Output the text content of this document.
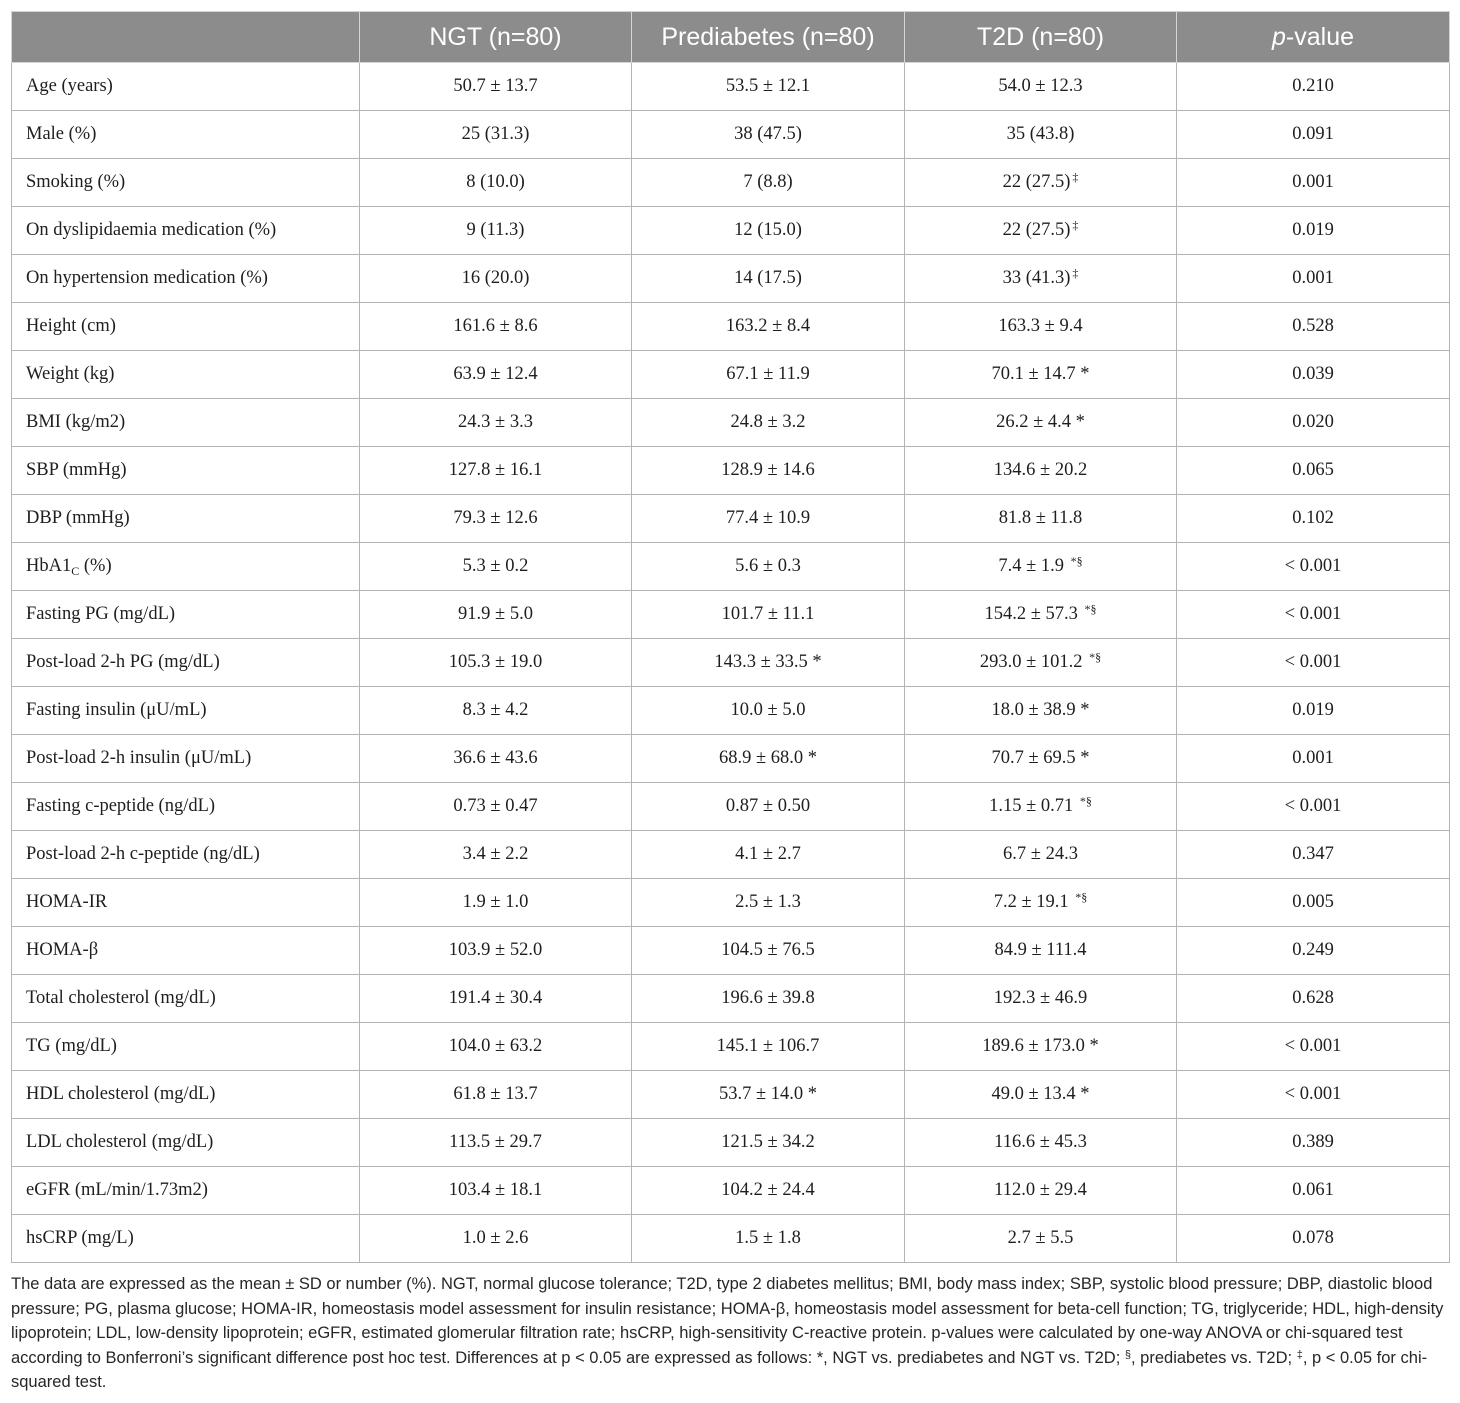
	NGT (n=80)	Prediabetes (n=80)	T2D (n=80)	p-value
Age (years)	50.7 ± 13.7	53.5 ± 12.1	54.0 ± 12.3	0.210
Male (%)	25 (31.3)	38 (47.5)	35 (43.8)	0.091
Smoking (%)	8 (10.0)	7 (8.8)	22 (27.5) ‡	0.001
On dyslipidaemia medication (%)	9 (11.3)	12 (15.0)	22 (27.5) ‡	0.019
On hypertension medication (%)	16 (20.0)	14 (17.5)	33 (41.3) ‡	0.001
Height (cm)	161.6 ± 8.6	163.2 ± 8.4	163.3 ± 9.4	0.528
Weight (kg)	63.9 ± 12.4	67.1 ± 11.9	70.1 ± 14.7 *	0.039
BMI (kg/m2)	24.3 ± 3.3	24.8 ± 3.2	26.2 ± 4.4 *	0.020
SBP (mmHg)	127.8 ± 16.1	128.9 ± 14.6	134.6 ± 20.2	0.065
DBP (mmHg)	79.3 ± 12.6	77.4 ± 10.9	81.8 ± 11.8	0.102
$HbA1_C$ (%)	5.3 ± 0.2	5.6 ± 0.3	7.4 ± 1.9 *§	< 0.001
Fasting PG (mg/dL)	91.9 ± 5.0	101.7 ± 11.1	154.2 ± 57.3 *§	< 0.001
Post-load 2-h PG (mg/dL)	105.3 ± 19.0	143.3 ± 33.5 *	293.0 ± 101.2 *§	< 0.001
Fasting insulin (μU/mL)	8.3 ± 4.2	10.0 ± 5.0	18.0 ± 38.9 *	0.019
Post-load 2-h insulin (μU/mL)	36.6 ± 43.6	68.9 ± 68.0 *	70.7 ± 69.5 *	0.001
Fasting c-peptide (ng/dL)	0.73 ± 0.47	0.87 ± 0.50	1.15 ± 0.71 *§	< 0.001
Post-load 2-h c-peptide (ng/dL)	3.4 ± 2.2	4.1 ± 2.7	6.7 ± 24.3	0.347
HOMA-IR	1.9 ± 1.0	2.5 ± 1.3	7.2 ± 19.1 *§	0.005
HOMA-β	103.9 ± 52.0	104.5 ± 76.5	84.9 ± 111.4	0.249
Total cholesterol (mg/dL)	191.4 ± 30.4	196.6 ± 39.8	192.3 ± 46.9	0.628
TG (mg/dL)	104.0 ± 63.2	145.1 ± 106.7	189.6 ± 173.0 *	< 0.001
HDL cholesterol (mg/dL)	61.8 ± 13.7	53.7 ± 14.0 *	49.0 ± 13.4 *	< 0.001
LDL cholesterol (mg/dL)	113.5 ± 29.7	121.5 ± 34.2	116.6 ± 45.3	0.389
eGFR (mL/min/1.73m2)	103.4 ± 18.1	104.2 ± 24.4	112.0 ± 29.4	0.061
hsCRP (mg/L)	1.0 ± 2.6	1.5 ± 1.8	2.7 ± 5.5	0.078
The data are expressed as the mean ± SD or number (%). NGT, normal glucose tolerance; T2D, type 2 diabetes mellitus; BMI, body mass index; SBP, systolic blood pressure; DBP, diastolic blood pressure; PG, plasma glucose; HOMA-IR, homeostasis model assessment for insulin resistance; HOMA-β, homeostasis model assessment for beta-cell function; TG, triglyceride; HDL, high-density lipoprotein; LDL, low-density lipoprotein; eGFR, estimated glomerular filtration rate; hsCRP, high-sensitivity C-reactive protein. p-values were calculated by one-way ANOVA or chi-squared test according to Bonferroni’s significant difference post hoc test. Differences at p < 0.05 are expressed as follows: *, NGT vs. prediabetes and NGT vs. T2D; §, prediabetes vs. T2D; ‡, p < 0.05 for chi-squared test.
